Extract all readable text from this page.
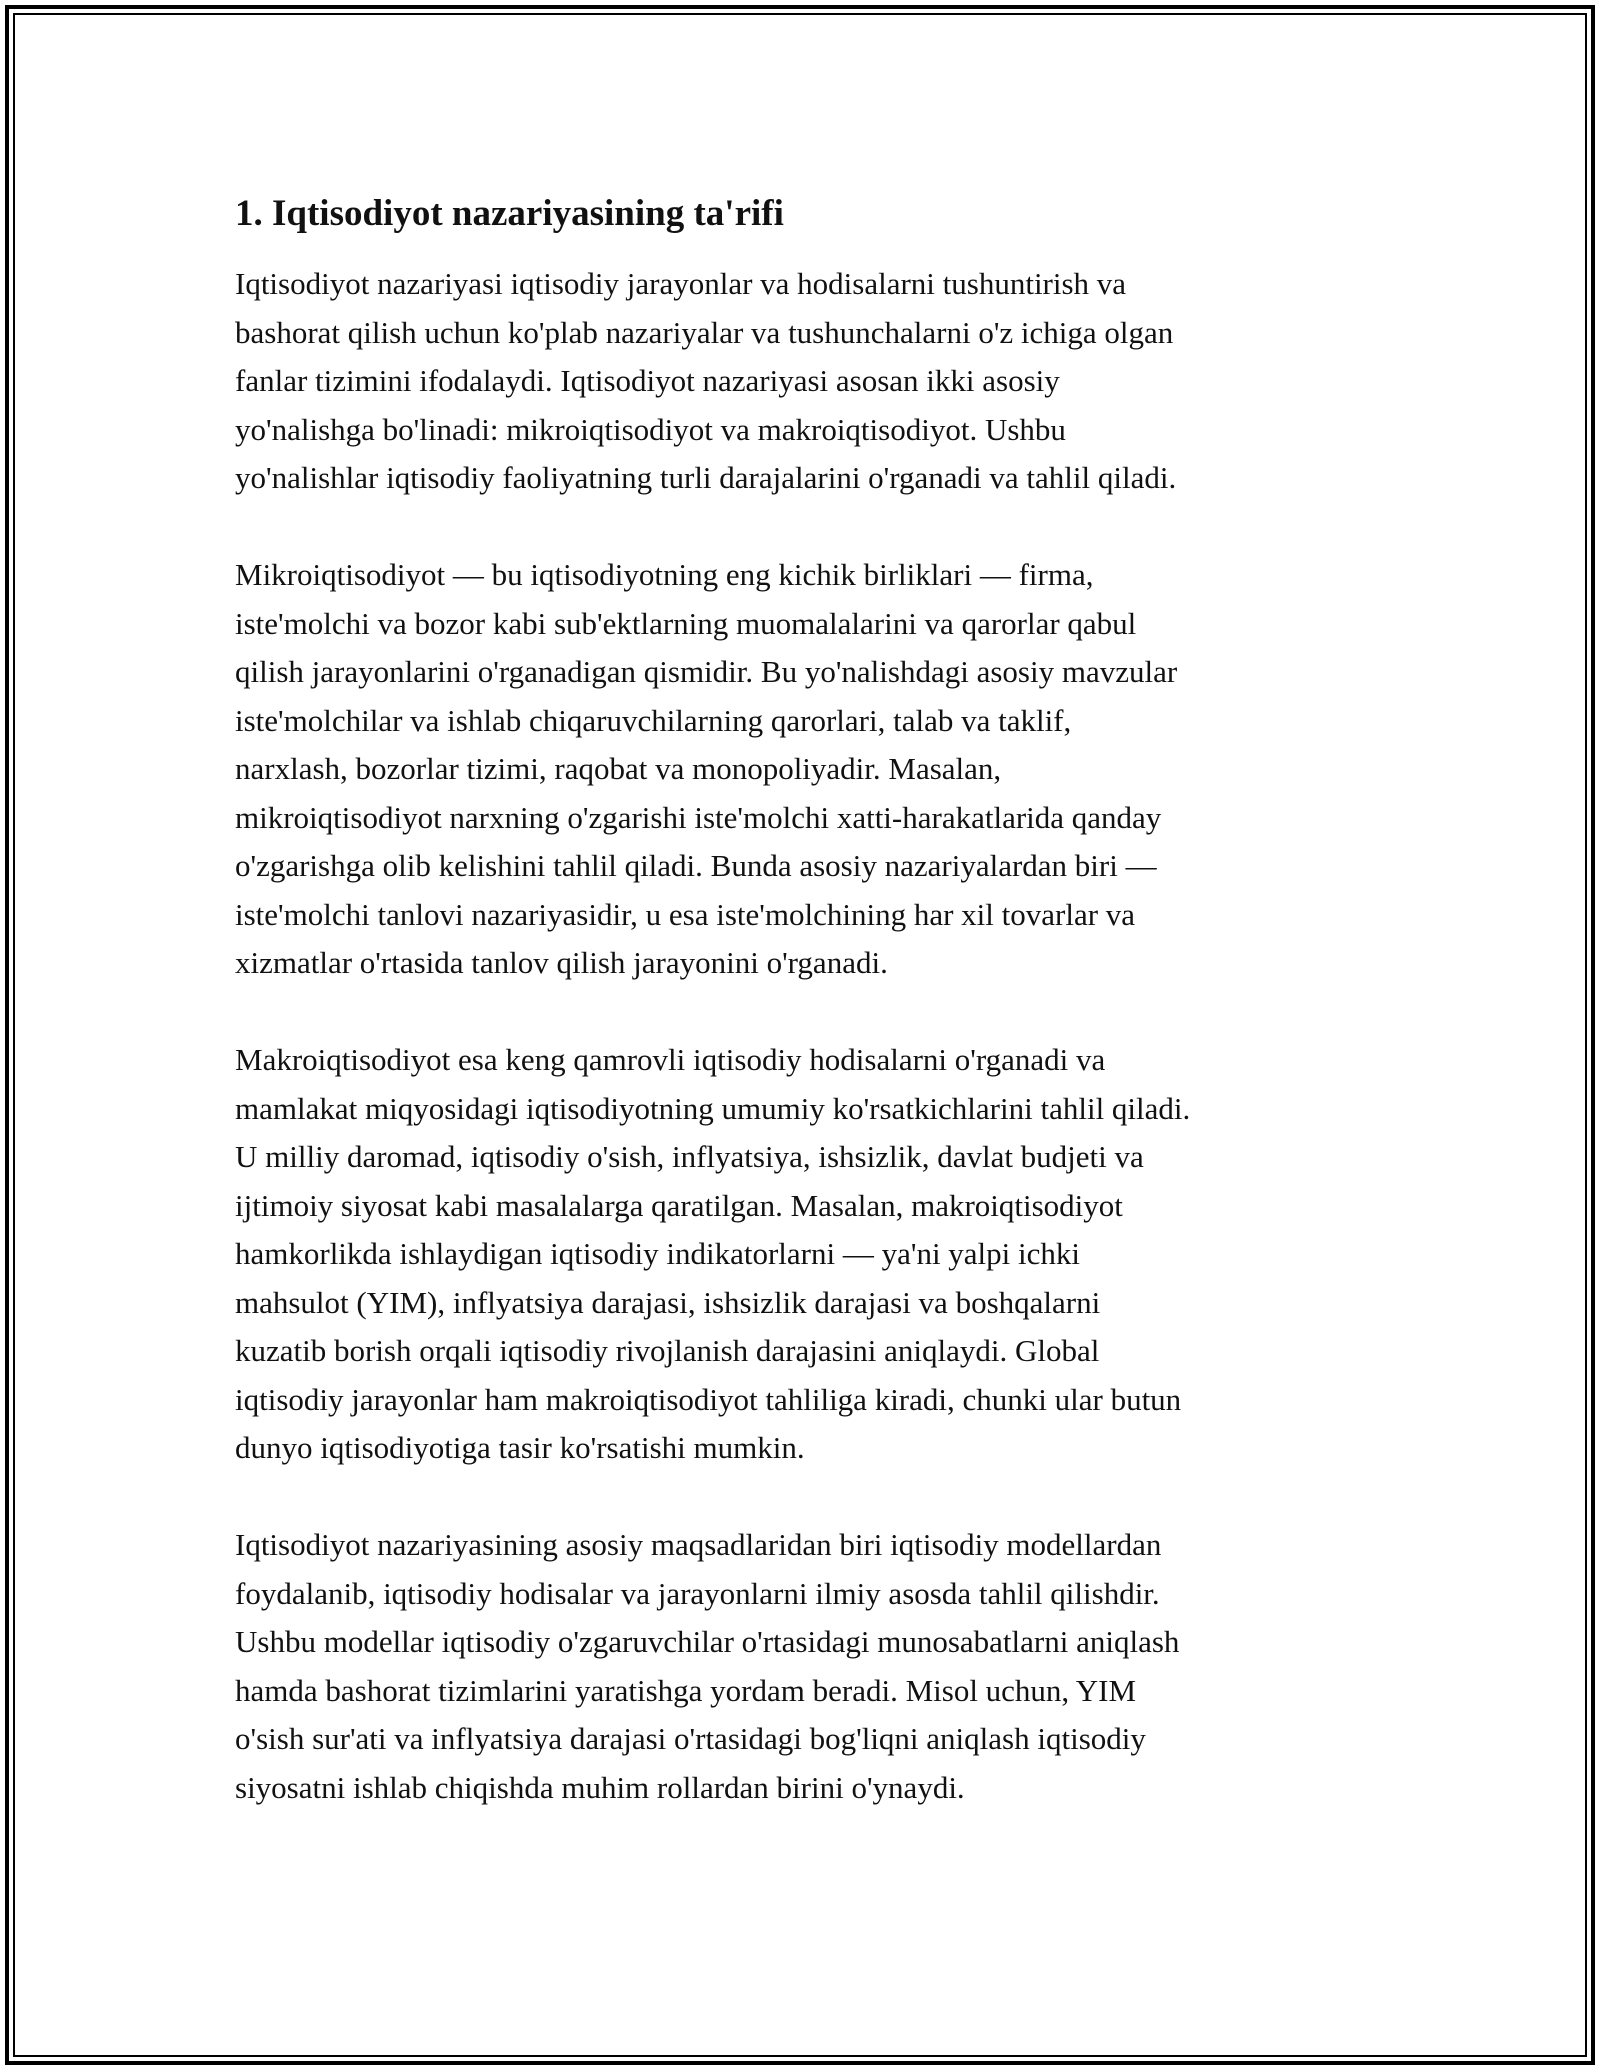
1. Iqtisodiyot nazariyasining ta'rifi

Iqtisodiyot nazariyasi iqtisodiy jarayonlar va hodisalarni tushuntirish va
bashorat qilish uchun ko'plab nazariyalar va tushunchalarni o'z ichiga olgan
fanlar tizimini ifodalaydi. Iqtisodiyot nazariyasi asosan ikki asosiy
yo'nalishga bo'linadi: mikroiqtisodiyot va makroiqtisodiyot. Ushbu
yo'nalishlar iqtisodiy faoliyatning turli darajalarini o'rganadi va tahlil qiladi.

Mikroiqtisodiyot — bu iqtisodiyotning eng kichik birliklari — firma,
iste'molchi va bozor kabi sub'ektlarning muomalalarini va qarorlar qabul
qilish jarayonlarini o'rganadigan qismidir. Bu yo'nalishdagi asosiy mavzular
iste'molchilar va ishlab chiqaruvchilarning qarorlari, talab va taklif,
narxlash, bozorlar tizimi, raqobat va monopoliyadir. Masalan,
mikroiqtisodiyot narxning o'zgarishi iste'molchi xatti-harakatlarida qanday
o'zgarishga olib kelishini tahlil qiladi. Bunda asosiy nazariyalardan biri —
iste'molchi tanlovi nazariyasidir, u esa iste'molchining har xil tovarlar va
xizmatlar o'rtasida tanlov qilish jarayonini o'rganadi.

Makroiqtisodiyot esa keng qamrovli iqtisodiy hodisalarni o'rganadi va
mamlakat miqyosidagi iqtisodiyotning umumiy ko'rsatkichlarini tahlil qiladi.
U milliy daromad, iqtisodiy o'sish, inflyatsiya, ishsizlik, davlat budjeti va
ijtimoiy siyosat kabi masalalarga qaratilgan. Masalan, makroiqtisodiyot
hamkorlikda ishlaydigan iqtisodiy indikatorlarni — ya'ni yalpi ichki
mahsulot (YIM), inflyatsiya darajasi, ishsizlik darajasi va boshqalarni
kuzatib borish orqali iqtisodiy rivojlanish darajasini aniqlaydi. Global
iqtisodiy jarayonlar ham makroiqtisodiyot tahliliga kiradi, chunki ular butun
dunyo iqtisodiyotiga tasir ko'rsatishi mumkin.

Iqtisodiyot nazariyasining asosiy maqsadlaridan biri iqtisodiy modellardan
foydalanib, iqtisodiy hodisalar va jarayonlarni ilmiy asosda tahlil qilishdir.
Ushbu modellar iqtisodiy o'zgaruvchilar o'rtasidagi munosabatlarni aniqlash
hamda bashorat tizimlarini yaratishga yordam beradi. Misol uchun, YIM
o'sish sur'ati va inflyatsiya darajasi o'rtasidagi bog'liqni aniqlash iqtisodiy
siyosatni ishlab chiqishda muhim rollardan birini o'ynaydi.
